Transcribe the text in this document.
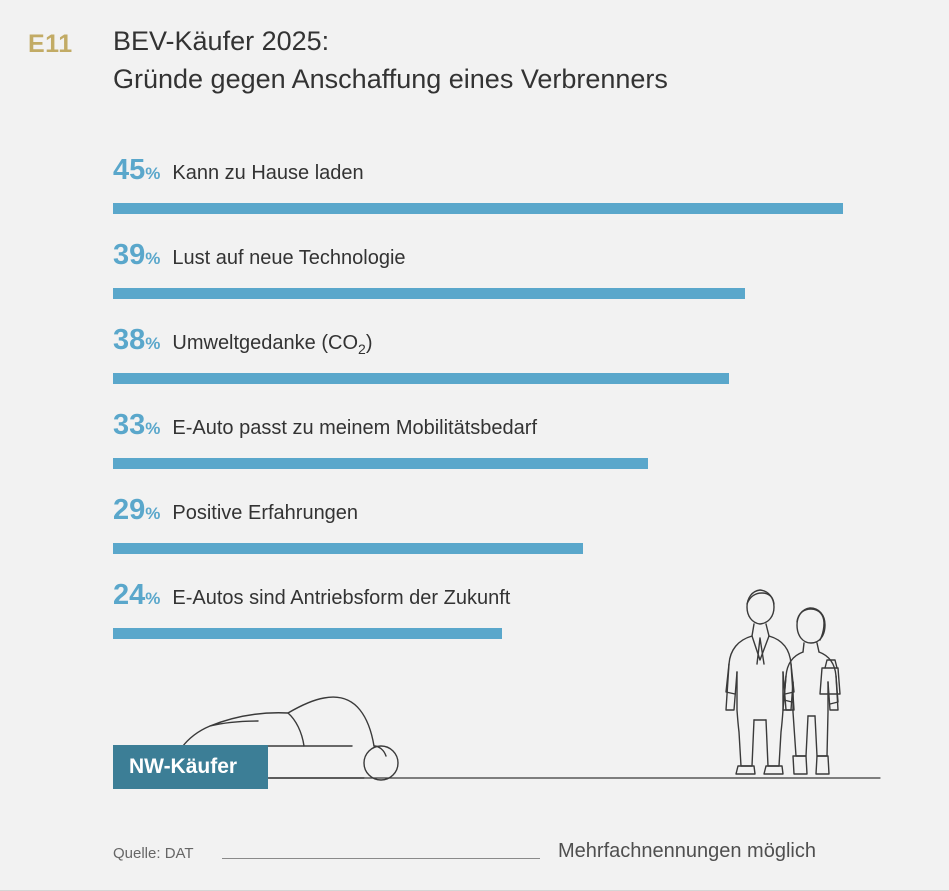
E11 BEV-Käufer 2025:
Gründe gegen Anschaffung eines Verbrenners
45% Kann zu Hause laden
39% Lust auf neue Technologie
38% Umweltgedanke $(CO_2)$
33% E-Auto passt zu meinem Mobilitätsbedarf
29% Positive Erfahrungen
24% E-Autos sind Antriebsform der Zukunft
NW-Käufer
Quelle: DAT	Mehrfachnennungen möglich
